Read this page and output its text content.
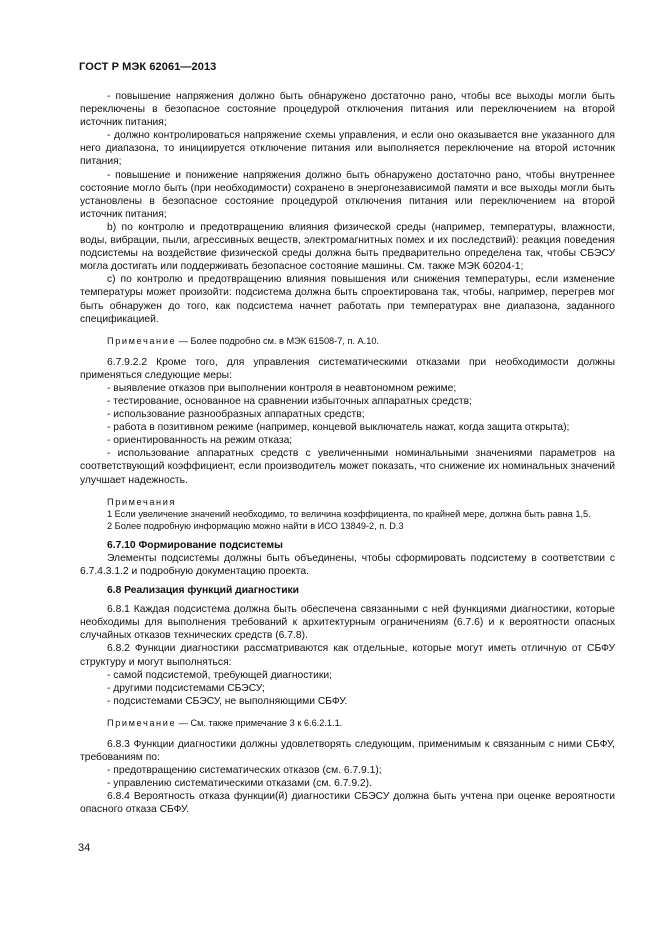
ГОСТ Р МЭК 62061—2013

- повышение напряжения должно быть обнаружено достаточно рано, чтобы все выходы могли быть переключены в безопасное состояние процедурой отключения питания или переключением на второй источник питания;

- должно контролироваться напряжение схемы управления, и если оно оказывается вне указанного для него диапазона, то инициируется отключение питания или выполняется переключение на второй источник питания;

- повышение и понижение напряжения должно быть обнаружено достаточно рано, чтобы внутреннее состояние могло быть (при необходимости) сохранено в энергонезависимой памяти и все выходы могли быть установлены в безопасное состояние процедурой отключения питания или переключением на второй источник питания;

b) по контролю и предотвращению влияния физической среды (например, температуры, влажности, воды, вибрации, пыли, агрессивных веществ, электромагнитных помех и их последствий): реакция поведения подсистемы на воздействие физической среды должна быть предварительно определена так, чтобы СБЭСУ могла достигать или поддерживать безопасное состояние машины. См. также МЭК 60204-1;

с) по контролю и предотвращению влияния повышения или снижения температуры, если изменение температуры может произойти: подсистема должна быть спроектирована так, чтобы, например, перегрев мог быть обнаружен до того, как подсистема начнет работать при температурах вне диапазона, заданного спецификацией.

Примечание — Более подробно см. в МЭК 61508-7, п. А.10.

6.7.9.2.2 Кроме того, для управления систематическими отказами при необходимости должны применяться следующие меры:

- выявление отказов при выполнении контроля в неавтономном режиме;

- тестирование, основанное на сравнении избыточных аппаратных средств;

- использование разнообразных аппаратных средств;

- работа в позитивном режиме (например, концевой выключатель нажат, когда защита открыта);

- ориентированность на режим отказа;

- использование аппаратных средств с увеличенными номинальными значениями параметров на соответствующий коэффициент, если производитель может показать, что снижение их номинальных значений улучшает надежность.

Примечания

1 Если увеличение значений необходимо, то величина коэффициента, по крайней мере, должна быть равна 1,5.

2 Более подробную информацию можно найти в ИСО 13849-2, п. D.3

6.7.10 Формирование подсистемы

Элементы подсистемы должны быть объединены, чтобы сформировать подсистему в соответствии с 6.7.4.3.1.2 и подробную документацию проекта.

6.8 Реализация функций диагностики

6.8.1 Каждая подсистема должна быть обеспечена связанными с ней функциями диагностики, которые необходимы для выполнения требований к архитектурным ограничениям (6.7.6) и к вероятности опасных случайных отказов технических средств (6.7.8).

6.8.2 Функции диагностики рассматриваются как отдельные, которые могут иметь отличную от СБФУ структуру и могут выполняться:

- самой подсистемой, требующей диагностики;

- другими подсистемами СБЭСУ;

- подсистемами СБЭСУ, не выполняющими СБФУ.

Примечание — См. также примечание 3 к 6.6.2.1.1.

6.8.3 Функции диагностики должны удовлетворять следующим, применимым к связанным с ними СБФУ, требованиям по:

- предотвращению систематических отказов (см. 6.7.9.1);

- управлению систематическими отказами (см. 6.7.9.2).

6.8.4 Вероятность отказа функции(й) диагностики СБЭСУ должна быть учтена при оценке вероятности опасного отказа СБФУ.

34
